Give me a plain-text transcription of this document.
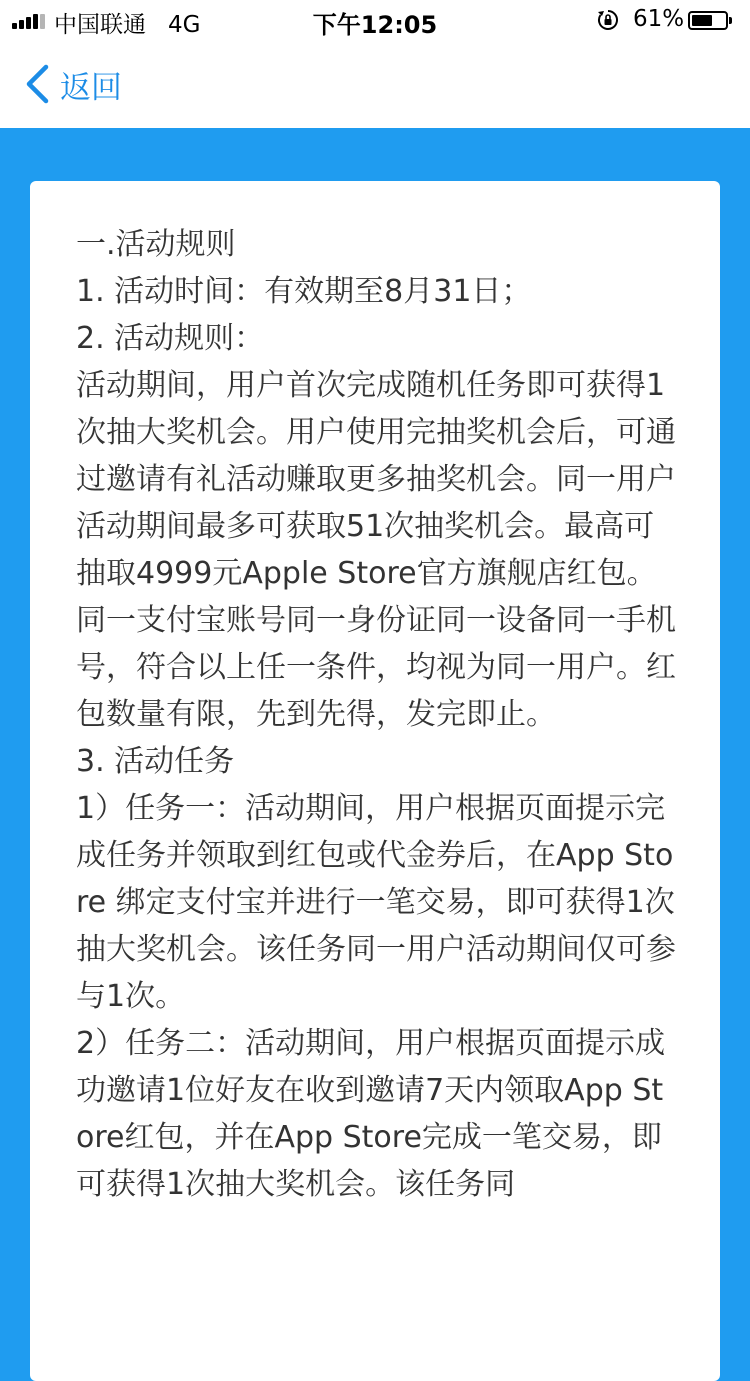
中国联通 4G	下午12:05	61%
返回

一.活动规则

1. 活动时间：有效期至8月31日；

2. 活动规则：

活动期间，用户首次完成随机任务即可获得1次抽大奖机会。用户使用完抽奖机会后，可通过邀请有礼活动赚取更多抽奖机会。同一用户活动期间最多可获取51次抽奖机会。最高可抽取4999元Apple Store官方旗舰店红包。

同一支付宝账号同一身份证同一设备同一手机号，符合以上任一条件，均视为同一用户。红包数量有限，先到先得，发完即止。

3. 活动任务

1）任务一：活动期间，用户根据页面提示完成任务并领取到红包或代金券后，在App Store 绑定支付宝并进行一笔交易，即可获得1次抽大奖机会。该任务同一用户活动期间仅可参与1次。

2）任务二：活动期间，用户根据页面提示成功邀请1位好友在收到邀请7天内领取App Store红包，并在App Store完成一笔交易，即可获得1次抽大奖机会。该任务同
